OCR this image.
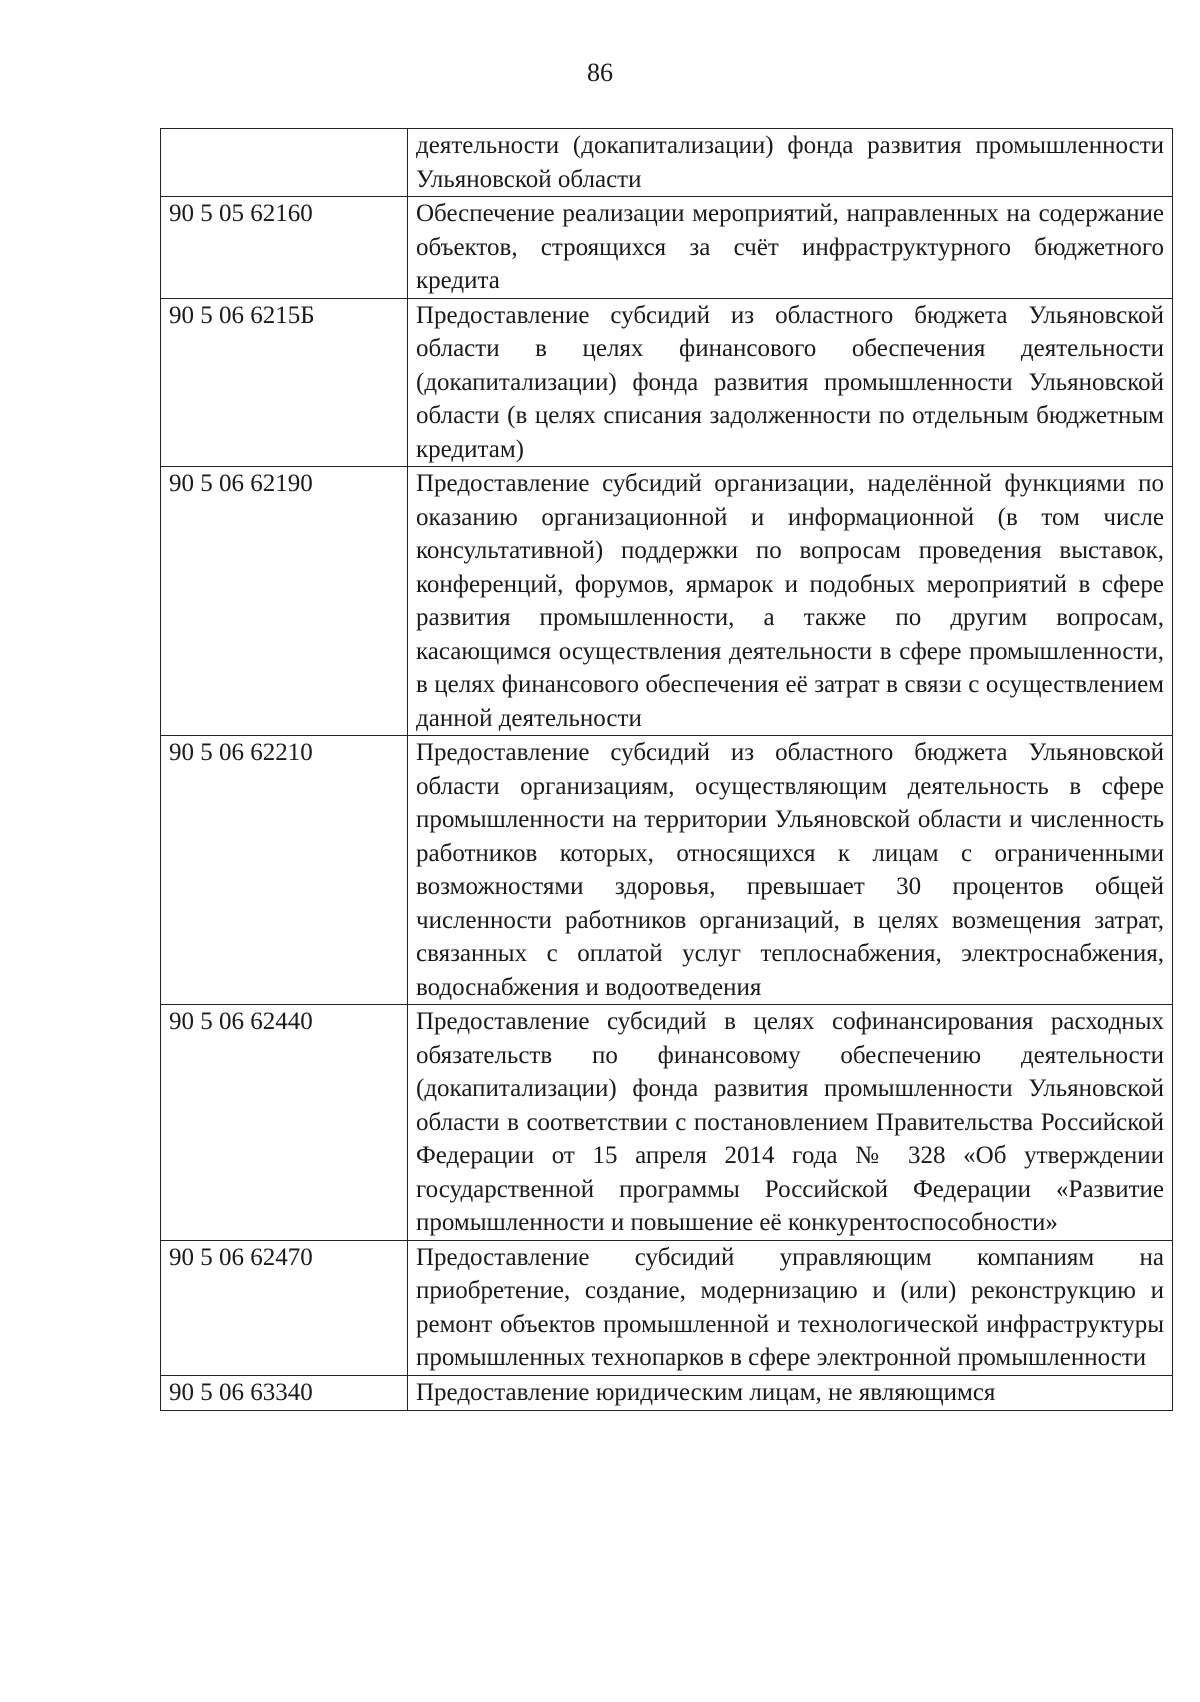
86
	деятельности (докапитализации) фонда развития промышленности Ульяновской области
90 5 05 62160	Обеспечение реализации мероприятий, направленных на содержание объектов, строящихся за счёт инфраструктурного бюджетного кредита
90 5 06 6215Б	Предоставление субсидий из областного бюджета Ульяновской области в целях финансового обеспечения деятельности (докапитализации) фонда развития промышленности Ульяновской области (в целях списания задолженности по отдельным бюджетным кредитам)
90 5 06 62190	Предоставление субсидий организации, наделённой функциями по оказанию организационной и информационной (в том числе консультативной) поддержки по вопросам проведения выставок, конференций, форумов, ярмарок и подобных мероприятий в сфере развития промышленности, а также по другим вопросам, касающимся осуществления деятельности в сфере промышленности, в целях финансового обеспечения её затрат в связи с осуществлением данной деятельности
90 5 06 62210	Предоставление субсидий из областного бюджета Ульяновской области организациям, осуществляющим деятельность в сфере промышленности на территории Ульяновской области и численность работников которых, относящихся к лицам с ограниченными возможностями здоровья, превышает 30 процентов общей численности работников организаций, в целях возмещения затрат, связанных с оплатой услуг теплоснабжения, электроснабжения, водоснабжения и водоотведения
90 5 06 62440	Предоставление субсидий в целях софинансирования расходных обязательств по финансовому обеспечению деятельности (докапитализации) фонда развития промышленности Ульяновской области в соответствии с постановлением Правительства Российской Федерации от 15 апреля 2014 года № 328 «Об утверждении государственной программы Российской Федерации «Развитие промышленности и повышение её конкурентоспособности»
90 5 06 62470	Предоставление субсидий управляющим компаниям на приобретение, создание, модернизацию и (или) реконструкцию и ремонт объектов промышленной и технологической инфраструктуры промышленных технопарков в сфере электронной промышленности
90 5 06 63340	Предоставление юридическим лицам, не являющимся
